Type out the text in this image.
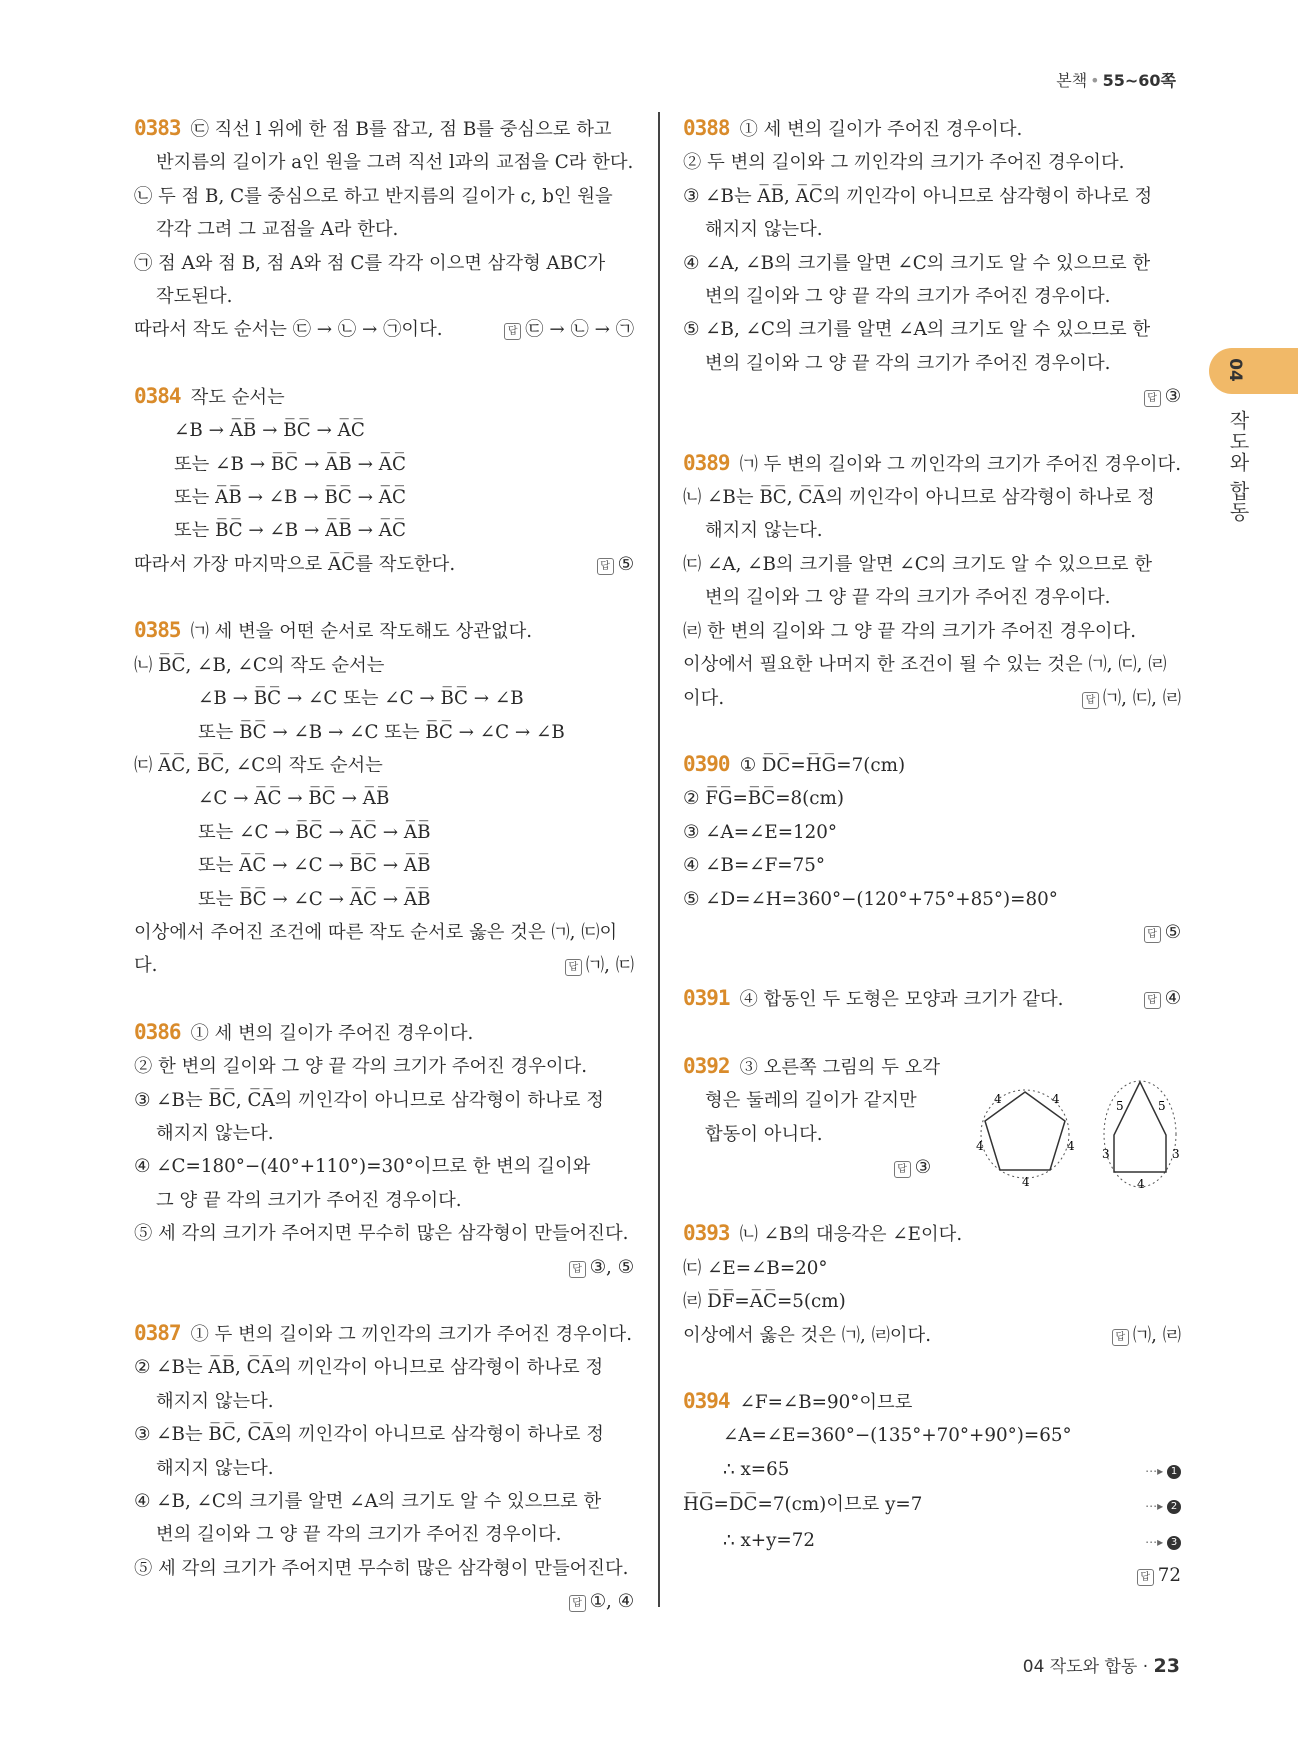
본책 • 55~60쪽
04
작도와 합동
0383 ㉢ 직선 l 위에 한 점 B를 잡고, 점 B를 중심으로 하고
반지름의 길이가 a인 원을 그려 직선 l과의 교점을 C라 한다.
㉡ 두 점 B, C를 중심으로 하고 반지름의 길이가 c, b인 원을
각각 그려 그 교점을 A라 한다.
㉠ 점 A와 점 B, 점 A와 점 C를 각각 이으면 삼각형 ABC가
작도된다.
따라서 작도 순서는 ㉢ → ㉡ → ㉠이다.	답 ㉢ → ㉡ → ㉠
0384 작도 순서는
∠B → A̅B̅ → B̅C̅ → A̅C̅
또는 ∠B → B̅C̅ → A̅B̅ → A̅C̅
또는 A̅B̅ → ∠B → B̅C̅ → A̅C̅
또는 B̅C̅ → ∠B → A̅B̅ → A̅C̅
따라서 가장 마지막으로 A̅C̅를 작도한다.	답 ⑤
0385 ㈀ 세 변을 어떤 순서로 작도해도 상관없다.
㈁ B̅C̅, ∠B, ∠C의 작도 순서는
∠B → B̅C̅ → ∠C 또는 ∠C → B̅C̅ → ∠B
또는 B̅C̅ → ∠B → ∠C 또는 B̅C̅ → ∠C → ∠B
㈂ A̅C̅, B̅C̅, ∠C의 작도 순서는
∠C → A̅C̅ → B̅C̅ → A̅B̅
또는 ∠C → B̅C̅ → A̅C̅ → A̅B̅
또는 A̅C̅ → ∠C → B̅C̅ → A̅B̅
또는 B̅C̅ → ∠C → A̅C̅ → A̅B̅
이상에서 주어진 조건에 따른 작도 순서로 옳은 것은 ㈀, ㈂이
다.	답 ㈀, ㈂
0386 ① 세 변의 길이가 주어진 경우이다.
② 한 변의 길이와 그 양 끝 각의 크기가 주어진 경우이다.
③ ∠B는 B̅C̅, C̅A̅의 끼인각이 아니므로 삼각형이 하나로 정
해지지 않는다.
④ ∠C=180°−(40°+110°)=30°이므로 한 변의 길이와
그 양 끝 각의 크기가 주어진 경우이다.
⑤ 세 각의 크기가 주어지면 무수히 많은 삼각형이 만들어진다.
답 ③, ⑤
0387 ① 두 변의 길이와 그 끼인각의 크기가 주어진 경우이다.
② ∠B는 A̅B̅, C̅A̅의 끼인각이 아니므로 삼각형이 하나로 정
해지지 않는다.
③ ∠B는 B̅C̅, C̅A̅의 끼인각이 아니므로 삼각형이 하나로 정
해지지 않는다.
④ ∠B, ∠C의 크기를 알면 ∠A의 크기도 알 수 있으므로 한
변의 길이와 그 양 끝 각의 크기가 주어진 경우이다.
⑤ 세 각의 크기가 주어지면 무수히 많은 삼각형이 만들어진다.
답 ①, ④
0388 ① 세 변의 길이가 주어진 경우이다.
② 두 변의 길이와 그 끼인각의 크기가 주어진 경우이다.
③ ∠B는 A̅B̅, A̅C̅의 끼인각이 아니므로 삼각형이 하나로 정
해지지 않는다.
④ ∠A, ∠B의 크기를 알면 ∠C의 크기도 알 수 있으므로 한
변의 길이와 그 양 끝 각의 크기가 주어진 경우이다.
⑤ ∠B, ∠C의 크기를 알면 ∠A의 크기도 알 수 있으므로 한
변의 길이와 그 양 끝 각의 크기가 주어진 경우이다.
답 ③
0389 ㈀ 두 변의 길이와 그 끼인각의 크기가 주어진 경우이다.
㈁ ∠B는 B̅C̅, C̅A̅의 끼인각이 아니므로 삼각형이 하나로 정
해지지 않는다.
㈂ ∠A, ∠B의 크기를 알면 ∠C의 크기도 알 수 있으므로 한
변의 길이와 그 양 끝 각의 크기가 주어진 경우이다.
㈃ 한 변의 길이와 그 양 끝 각의 크기가 주어진 경우이다.
이상에서 필요한 나머지 한 조건이 될 수 있는 것은 ㈀, ㈂, ㈃
이다.	답 ㈀, ㈂, ㈃
0390 ① D̅C̅=H̅G̅=7(cm)
② F̅G̅=B̅C̅=8(cm)
③ ∠A=∠E=120°
④ ∠B=∠F=75°
⑤ ∠D=∠H=360°−(120°+75°+85°)=80°
답 ⑤
0391 ④ 합동인 두 도형은 모양과 크기가 같다.	답 ④
0392 ③ 오른쪽 그림의 두 오각
형은 둘레의 길이가 같지만
합동이 아니다.
답 ③
0393 ㈁ ∠B의 대응각은 ∠E이다.
㈂ ∠E=∠B=20°
㈃ D̅F̅=A̅C̅=5(cm)
이상에서 옳은 것은 ㈀, ㈃이다.	답 ㈀, ㈃
0394 ∠F=∠B=90°이므로
∠A=∠E=360°−(135°+70°+90°)=65°
∴ x=65	⋯▸ 1
H̅G̅=D̅C̅=7(cm)이므로 y=7	⋯▸ 2
∴ x+y=72	⋯▸ 3
답 72
4	4
4	4
4
5	5
3	3
4
04 작도와 합동 · 23
